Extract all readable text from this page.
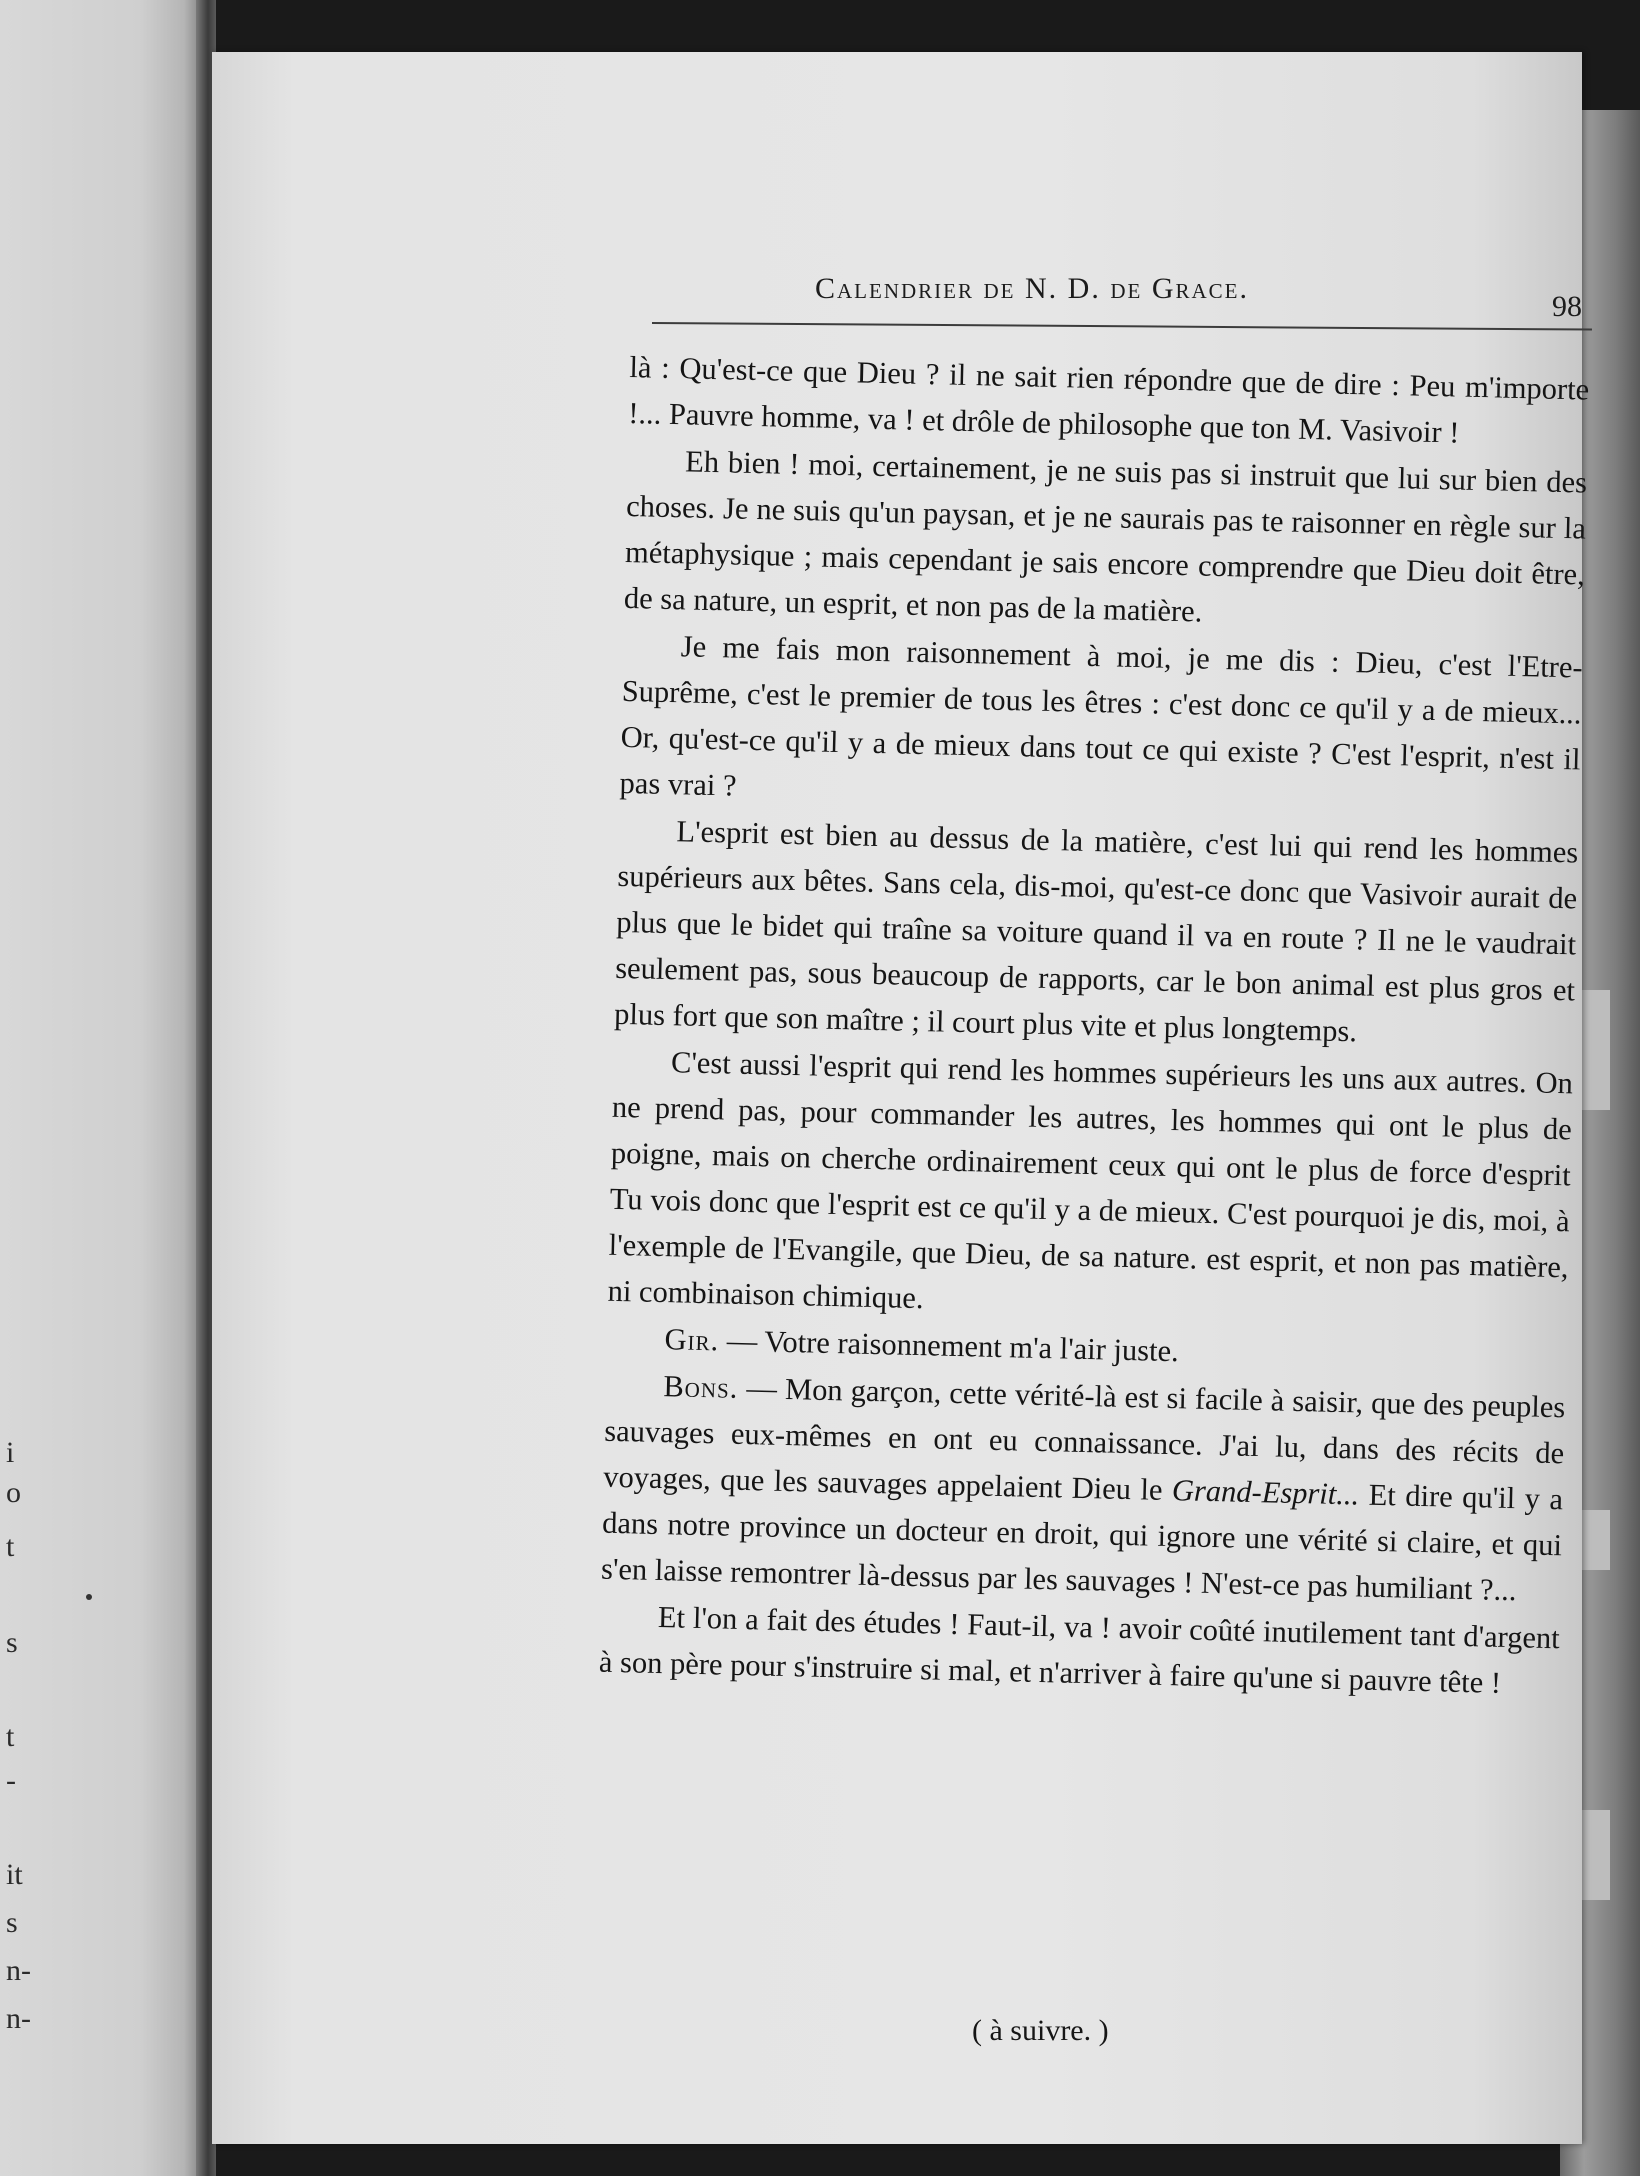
i
o
t
s
t
-
it
s
n-
n-
Calendrier de N. D. de Grace.
98

là : Qu'est-ce que Dieu ? il ne sait rien répondre que de dire : Peu m'importe !... Pauvre homme, va ! et drôle de philosophe que ton M. Vasivoir !

Eh bien ! moi, certainement, je ne suis pas si instruit que lui sur bien des choses. Je ne suis qu'un paysan, et je ne saurais pas te raisonner en règle sur la métaphysique ; mais cependant je sais encore comprendre que Dieu doit être, de sa nature, un esprit, et non pas de la matière.

Je me fais mon raisonnement à moi, je me dis : Dieu, c'est l'Etre-Suprême, c'est le premier de tous les êtres : c'est donc ce qu'il y a de mieux... Or, qu'est-ce qu'il y a de mieux dans tout ce qui existe ? C'est l'esprit, n'est il pas vrai ?

L'esprit est bien au dessus de la matière, c'est lui qui rend les hommes supérieurs aux bêtes. Sans cela, dis-moi, qu'est-ce donc que Vasivoir aurait de plus que le bidet qui traîne sa voiture quand il va en route ? Il ne le vaudrait seulement pas, sous beaucoup de rapports, car le bon animal est plus gros et plus fort que son maître ; il court plus vite et plus longtemps.

C'est aussi l'esprit qui rend les hommes supérieurs les uns aux autres. On ne prend pas, pour commander les autres, les hommes qui ont le plus de poigne, mais on cherche ordinairement ceux qui ont le plus de force d'esprit Tu vois donc que l'esprit est ce qu'il y a de mieux. C'est pourquoi je dis, moi, à l'exemple de l'Evangile, que Dieu, de sa nature. est esprit, et non pas matière, ni combinaison chimique.

Gir. — Votre raisonnement m'a l'air juste.

Bons. — Mon garçon, cette vérité-là est si facile à saisir, que des peuples sauvages eux-mêmes en ont eu connaissance. J'ai lu, dans des récits de voyages, que les sauvages appelaient Dieu le Grand-Esprit... Et dire qu'il y a dans notre province un docteur en droit, qui ignore une vérité si claire, et qui s'en laisse remontrer là-dessus par les sauvages ! N'est-ce pas humiliant ?...

Et l'on a fait des études ! Faut-il, va ! avoir coûté inutilement tant d'argent à son père pour s'instruire si mal, et n'arriver à faire qu'une si pauvre tête !

( à suivre. )
